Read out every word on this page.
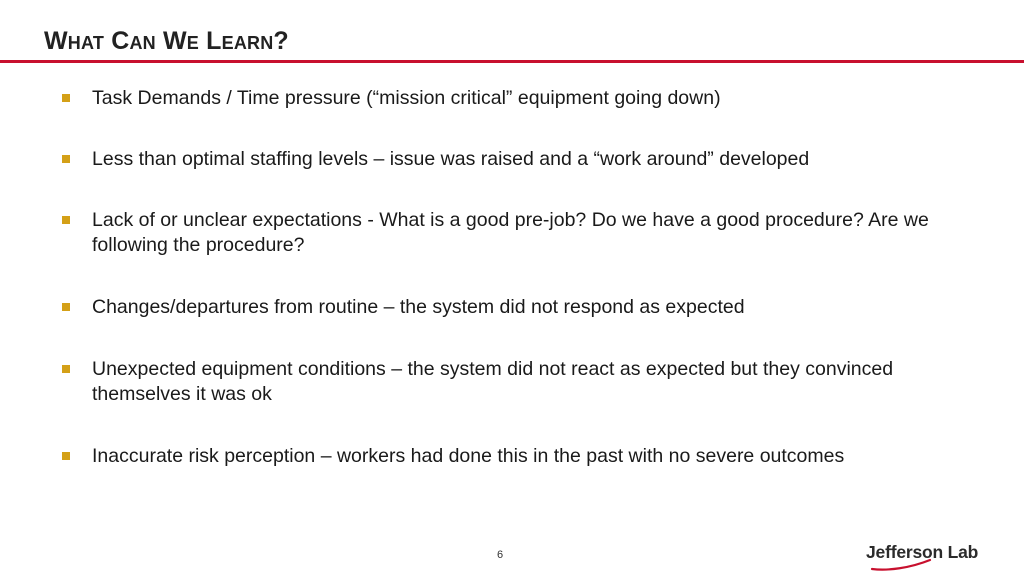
What Can We Learn?
Task Demands / Time pressure (“mission critical” equipment going down)
Less than optimal staffing levels – issue was raised and a “work around” developed
Lack of or unclear expectations - What is a good pre-job? Do we have a good procedure? Are we following the procedure?
Changes/departures from routine – the system did not respond as expected
Unexpected equipment conditions – the system did not react as expected but they convinced themselves it was ok
Inaccurate risk perception – workers had done this in the past with no severe outcomes
6	Jefferson Lab
